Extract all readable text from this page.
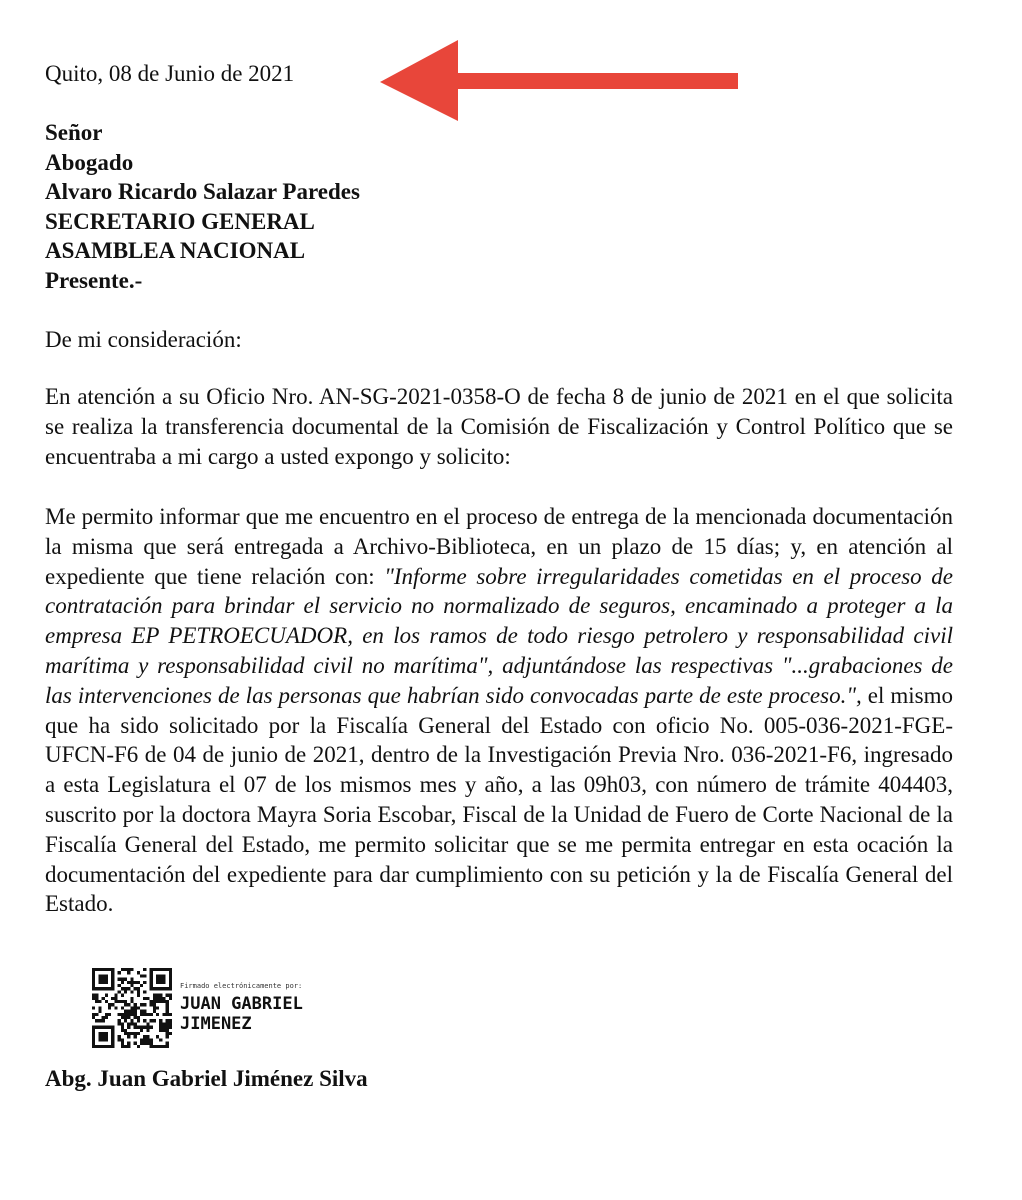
Quito, 08 de Junio de 2021
Señor
Abogado
Alvaro Ricardo Salazar Paredes
SECRETARIO GENERAL
ASAMBLEA NACIONAL
Presente.-
De mi consideración:
En atención a su Oficio Nro. AN-SG-2021-0358-O de fecha 8 de junio de 2021 en el que solicita se realiza la transferencia documental de la Comisión de Fiscalización y Control Político que se encuentraba a mi cargo a usted expongo y solicito:
Me permito informar que me encuentro en el proceso de entrega de la mencionada documentación la misma que será entregada a Archivo-Biblioteca, en un plazo de 15 días; y, en atención al expediente que tiene relación con: "Informe sobre irregularidades cometidas en el proceso de contratación para brindar el servicio no normalizado de seguros, encaminado a proteger a la empresa EP PETROECUADOR, en los ramos de todo riesgo petrolero y responsabilidad civil marítima y responsabilidad civil no marítima", adjuntándose las respectivas "...grabaciones de las intervenciones de las personas que habrían sido convocadas parte de este proceso.", el mismo que ha sido solicitado por la Fiscalía General del Estado con oficio No. 005-036-2021-FGE-UFCN-F6 de 04 de junio de 2021, dentro de la Investigación Previa Nro. 036-2021-F6, ingresado a esta Legislatura el 07 de los mismos mes y año, a las 09h03, con número de trámite 404403, suscrito por la doctora Mayra Soria Escobar, Fiscal de la Unidad de Fuero de Corte Nacional de la Fiscalía General del Estado, me permito solicitar que se me permita entregar en esta ocación la documentación del expediente para dar cumplimiento con su petición y la de Fiscalía General del Estado.
Firmado electrónicamente por:
JUAN GABRIEL
JIMENEZ
Abg. Juan Gabriel Jiménez Silva
